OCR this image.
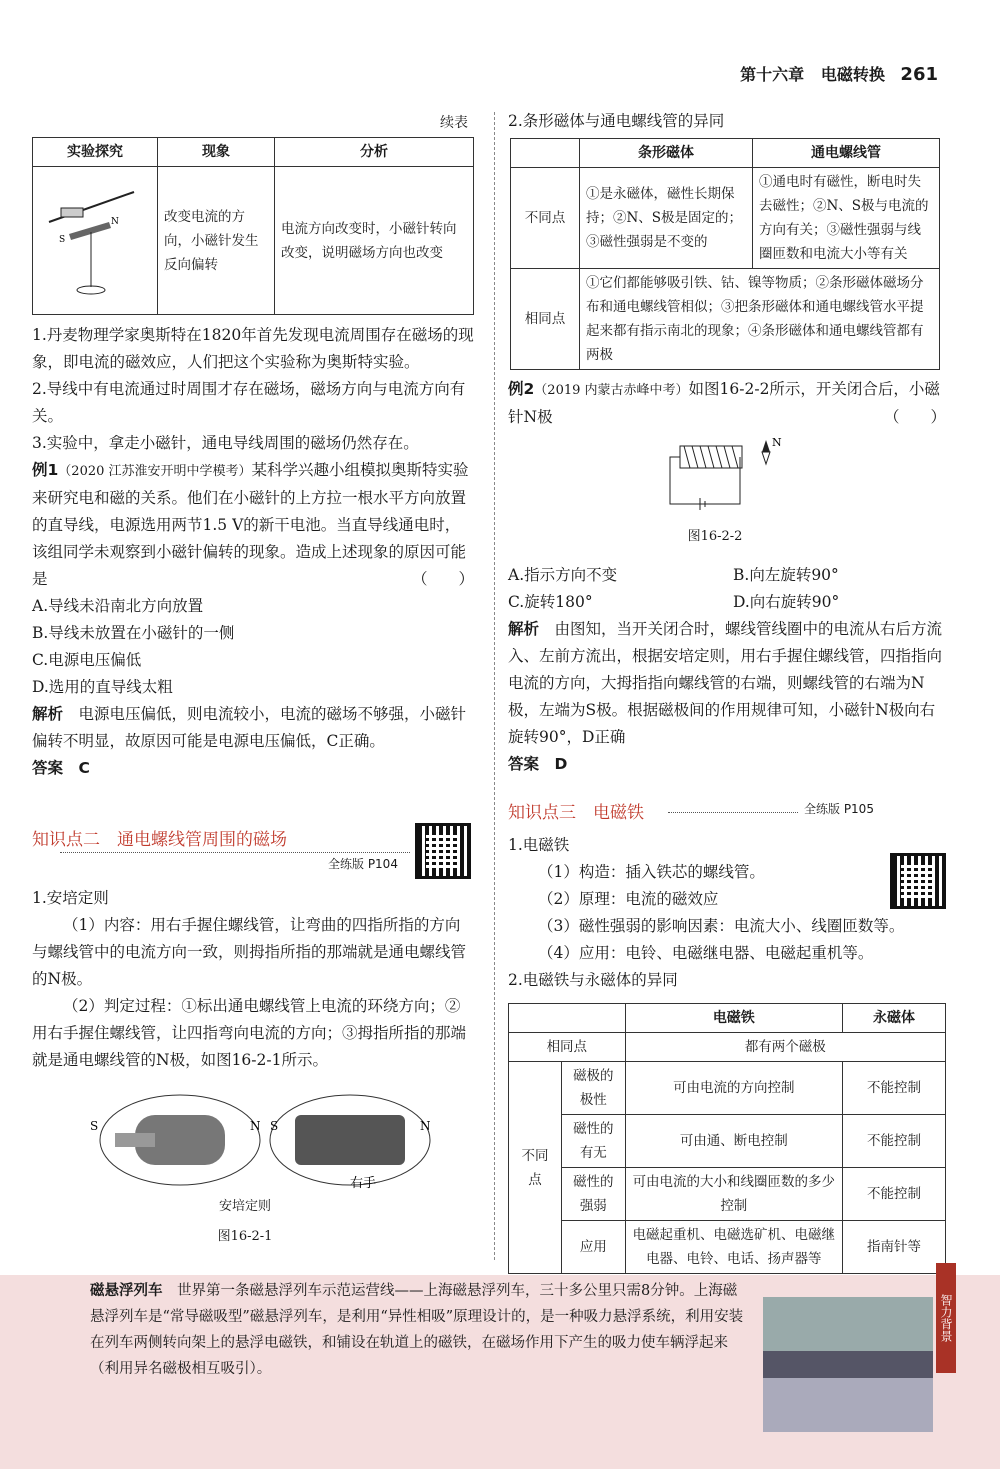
第十六章 电磁转换 261
续表
实验探究	现象	分析

N
S	改变电流的方向，小磁针发生反向偏转	电流方向改变时，小磁针转向改变，说明磁场方向也改变

1.丹麦物理学家奥斯特在1820年首先发现电流周围存在磁场的现象，即电流的磁效应，人们把这个实验称为奥斯特实验。

2.导线中有电流通过时周围才存在磁场，磁场方向与电流方向有关。

3.实验中，拿走小磁针，通电导线周围的磁场仍然存在。

例1（2020 江苏淮安开明中学模考）某科学兴趣小组模拟奥斯特实验来研究电和磁的关系。他们在小磁针的上方拉一根水平方向放置的直导线，电源选用两节1.5 V的新干电池。当直导线通电时，该组同学未观察到小磁针偏转的现象。造成上述现象的原因可能是	（　　）

A.导线未沿南北方向放置

B.导线未放置在小磁针的一侧

C.电源电压偏低

D.选用的直导线太粗

解析　 电源电压偏低，则电流较小，电流的磁场不够强，小磁针偏转不明显，故原因可能是电源电压偏低，C正确。

答案　 C

知识点二　通电螺线管周围的磁场
全练版 P104

1.安培定则

（1）内容：用右手握住螺线管，让弯曲的四指所指的方向与螺线管中的电流方向一致，则拇指所指的那端就是通电螺线管的N极。

（2）判定过程：①标出通电螺线管上电流的环绕方向；②用右手握住螺线管，让四指弯向电流的方向；③拇指所指的那端就是通电螺线管的N极，如图16-2-1所示。

S	N S	N
右手
安培定则
图16-2-1
2.条形磁体与通电螺线管的异同
	条形磁体	通电螺线管
不同点	①是永磁体，磁性长期保持；②N、S极是固定的；③磁性强弱是不变的	①通电时有磁性，断电时失去磁性；②N、S极与电流的方向有关；③磁性强弱与线圈匝数和电流大小等有关
相同点	①它们都能够吸引铁、钴、镍等物质；②条形磁体磁场分布和通电螺线管相似；③把条形磁体和通电螺线管水平提起来都有指示南北的现象；④条形磁体和通电螺线管都有两极	

例2（2019 内蒙古赤峰中考）如图16-2-2所示，开关闭合后，小磁针N极	（　　）

N
图16-2-2

A.指示方向不变	B.向左旋转90°

C.旋转180°	D.向右旋转90°

解析　 由图知，当开关闭合时，螺线管线圈中的电流从右后方流入、左前方流出，根据安培定则，用右手握住螺线管，四指指向电流的方向，大拇指指向螺线管的右端，则螺线管的右端为N极，左端为S极。根据磁极间的作用规律可知，小磁针N极向右旋转90°，D正确

答案　 D

知识点三　电磁铁	全练版 P105

1.电磁铁

（1）构造：插入铁芯的螺线管。

（2）原理：电流的磁效应

（3）磁性强弱的影响因素：电流大小、线圈匝数等。

（4）应用：电铃、电磁继电器、电磁起重机等。

2.电磁铁与永磁体的异同

		电磁铁	永磁体
相同点		都有两个磁极	
不同点	磁极的极性	可由电流的方向控制	不能控制
	磁性的有无	可由通、断电控制	不能控制
	磁性的强弱	可由电流的大小和线圈匝数的多少控制	不能控制
	应用	电磁起重机、电磁选矿机、电磁继电器、电铃、电话、扬声器等	指南针等

磁悬浮列车　 世界第一条磁悬浮列车示范运营线——上海磁悬浮列车，三十多公里只需8分钟。上海磁悬浮列车是“常导磁吸型”磁悬浮列车，是利用“异性相吸”原理设计的，是一种吸力悬浮系统，利用安装在列车两侧转向架上的悬浮电磁铁，和铺设在轨道上的磁铁，在磁场作用下产生的吸力使车辆浮起来（利用异名磁极相互吸引）。

智力背景
